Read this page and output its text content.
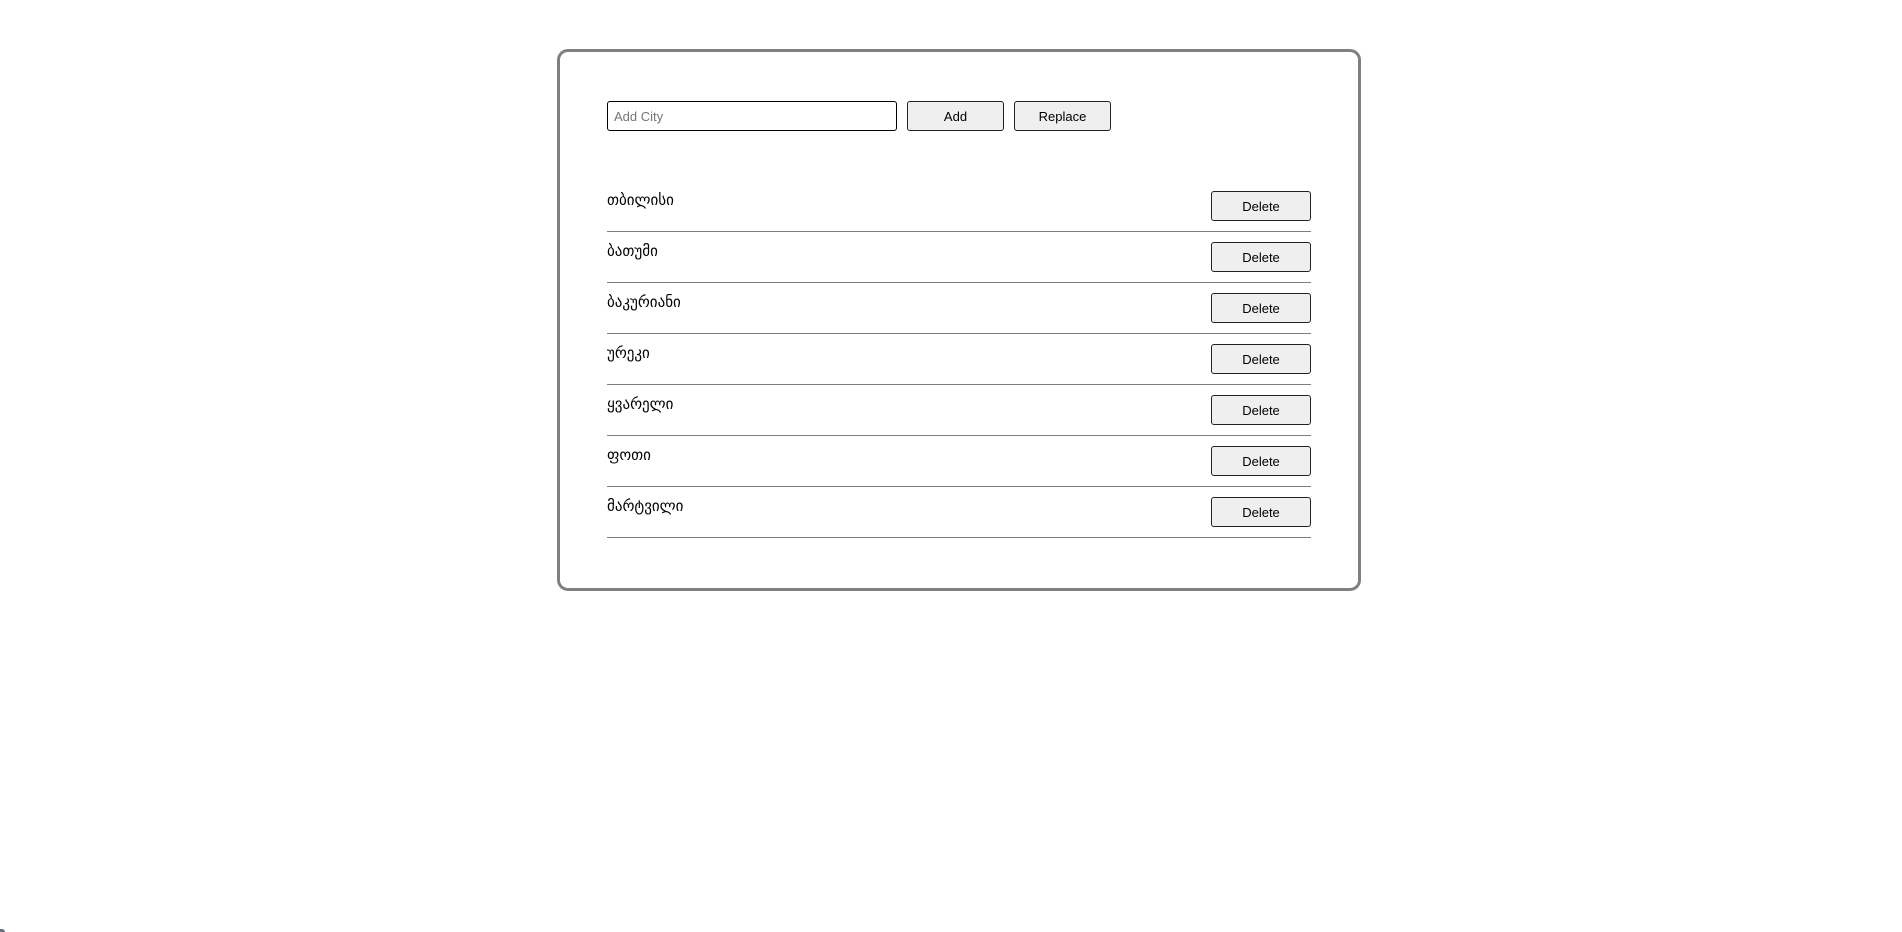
Add City
Add	Replace
თბილისი	Delete
ბათუმი	Delete
ბაკურიანი	Delete
ურეკი	Delete
ყვარელი	Delete
ფოთი	Delete
მარტვილი	Delete
